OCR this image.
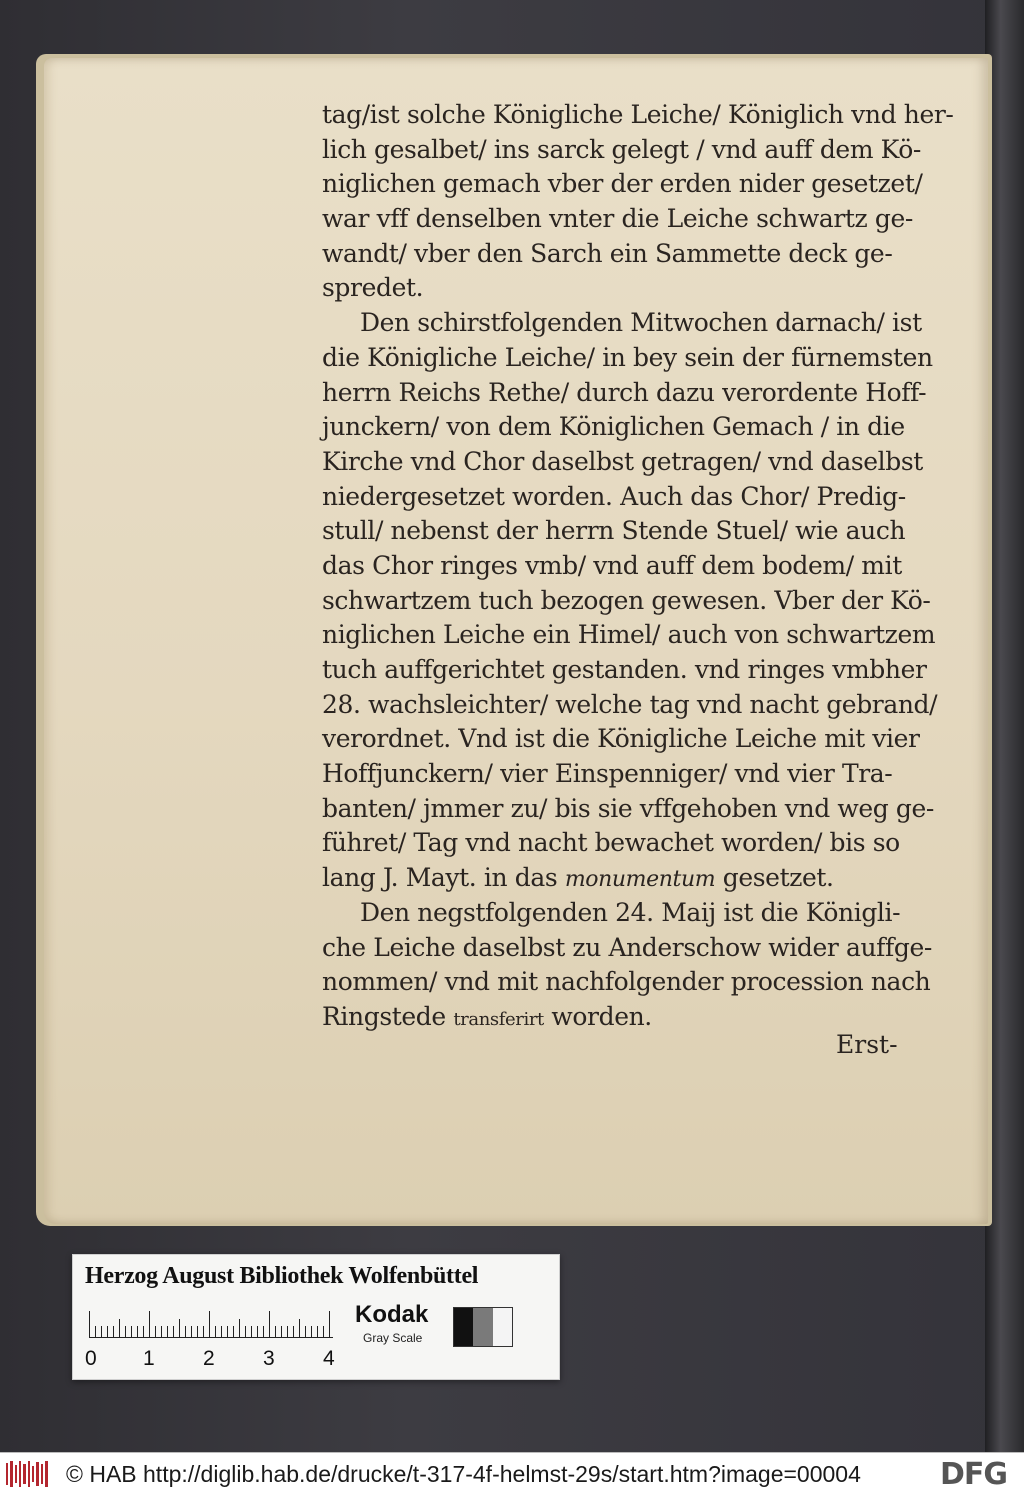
tag/ist solche Königliche Leiche/ Königlich vnd her-
lich gesalbet/ ins sarck gelegt / vnd auff dem Kö-
niglichen gemach vber der erden nider gesetzet/
war vff denselben vnter die Leiche schwartz ge-
wandt/ vber den Sarch ein Sammette deck ge-
spredet.
Den schirstfolgenden Mitwochen darnach/ ist
die Königliche Leiche/ in bey sein der fürnemsten
herrn Reichs Rethe/ durch dazu verordente Hoff-
junckern/ von dem Königlichen Gemach / in die
Kirche vnd Chor daselbst getragen/ vnd daselbst
niedergesetzet worden. Auch das Chor/ Predig-
stull/ nebenst der herrn Stende Stuel/ wie auch
das Chor ringes vmb/ vnd auff dem bodem/ mit
schwartzem tuch bezogen gewesen. Vber der Kö-
niglichen Leiche ein Himel/ auch von schwartzem
tuch auffgerichtet gestanden. vnd ringes vmbher
28. wachsleichter/ welche tag vnd nacht gebrand/
verordnet. Vnd ist die Königliche Leiche mit vier
Hoffjunckern/ vier Einspenniger/ vnd vier Tra-
banten/ jmmer zu/ bis sie vffgehoben vnd weg ge-
führet/ Tag vnd nacht bewachet worden/ bis so
lang J. Mayt. in das monumentum gesetzet.
Den negstfolgenden 24. Maij ist die Königli-
che Leiche daselbst zu Anderschow wider auffge-
nommen/ vnd mit nachfolgender procession nach
Ringstede transferirt worden.
Erst-
Herzog August Bibliothek Wolfenbüttel
0 1 2 3 4
Kodak
Gray Scale
© HAB http://diglib.hab.de/drucke/t-317-4f-helmst-29s/start.htm?image=00004	DFG
